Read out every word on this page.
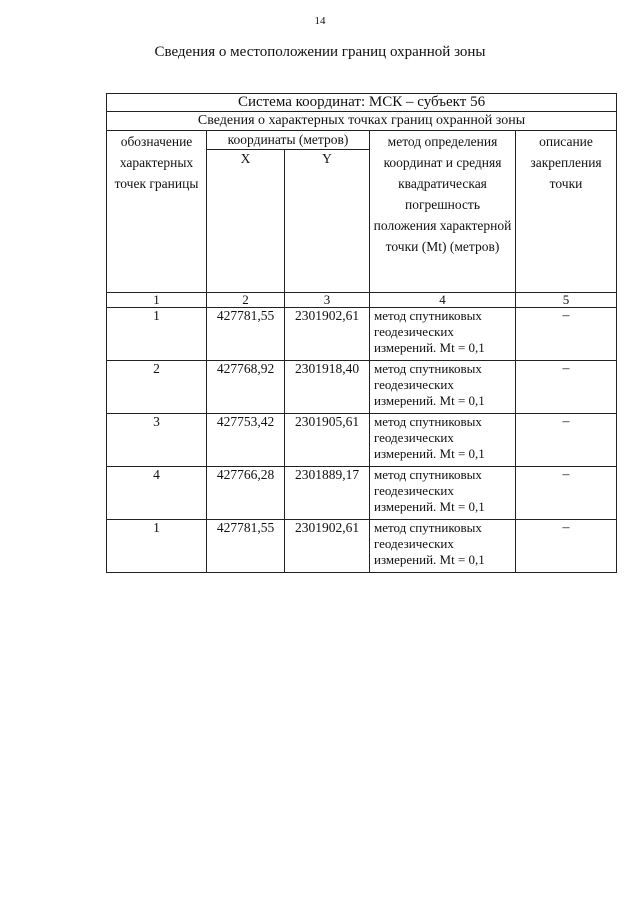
14
Сведения о местоположении границ охранной зоны
Система координат: МСК – субъект 56				
Сведения о характерных точках границ охранной зоны				
обозначение характерных точек границы	координаты (метров)		метод определения координат и средняя квадратическая погрешность положения характерной точки (Mt) (метров)	описание закрепления точки
	X	Y		
1	2	3	4	5
1	427781,55	2301902,61	метод спутниковых геодезических измерений. Mt = 0,1	–
2	427768,92	2301918,40	метод спутниковых геодезических измерений. Mt = 0,1	–
3	427753,42	2301905,61	метод спутниковых геодезических измерений. Mt = 0,1	–
4	427766,28	2301889,17	метод спутниковых геодезических измерений. Mt = 0,1	–
1	427781,55	2301902,61	метод спутниковых геодезических измерений. Mt = 0,1	–
